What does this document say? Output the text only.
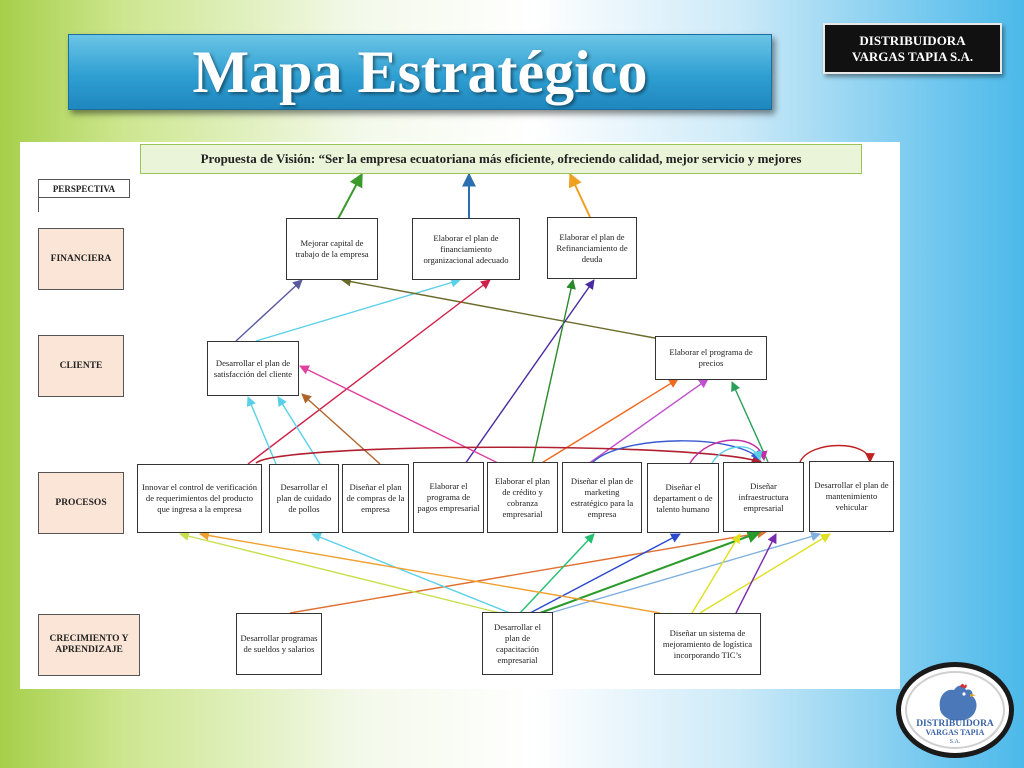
Mapa Estratégico	DISTRIBUIDORA
VARGAS TAPIA S.A.
Propuesta de Visión: “Ser la empresa ecuatoriana más eficiente, ofreciendo calidad, mejor servicio y mejores
PERSPECTIVA
FINANCIERA
CLIENTE
PROCESOS
CRECIMIENTO Y APRENDIZAJE
Mejorar capital de trabajo de la empresa
Elaborar el plan de financiamiento organizacional adecuado
Elaborar el plan de Refinanciamiento de deuda
Desarrollar el plan de satisfacción del cliente
Elaborar el programa de precios
Innovar el control de verificación de requerimientos del producto que ingresa a la empresa
Desarrollar el plan de cuidado de pollos
Diseñar el plan de compras de la empresa
Elaborar el programa de pagos empresarial
Elaborar el plan de crédito y cobranza empresarial
Diseñar el plan de marketing estratégico para la empresa
Diseñar el departament o de talento humano
Diseñar infraestructura empresarial
Desarrollar el plan de mantenimiento vehicular
Desarrollar programas de sueldos y salarios
Desarrollar el plan de capacitación empresarial
Diseñar un sistema de mejoramiento de logística incorporando TIC’s
DISTRIBUIDORA
VARGAS TAPIA
S.A.
